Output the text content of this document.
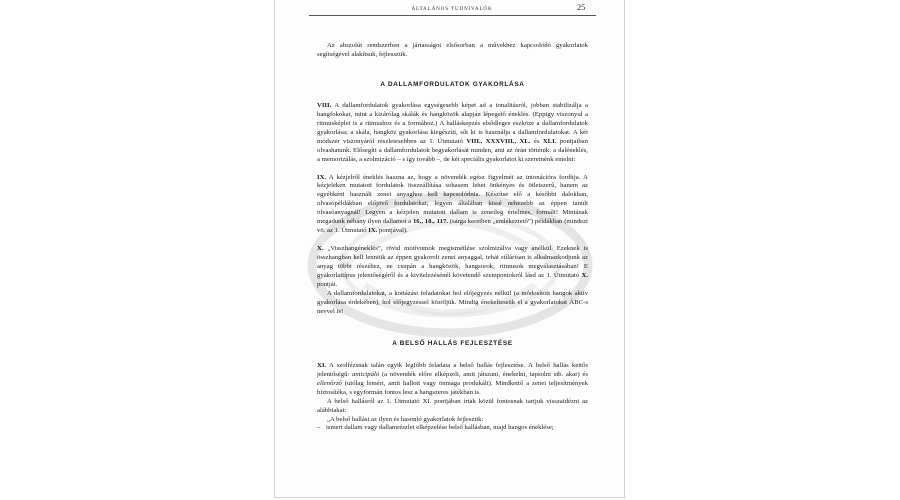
ÁLTALÁNOS TUDNIVALÓK	25

Az abszolút rendszerben a jártasságot elsősorban a művekhez kapcsolódó gyakorlatok segítségével alakítsuk, fejlesszük.

A DALLAMFORDULATOK GYAKORLÁSA

VIII. A dallamfordulatok gyakorlása egységesebb képet ad a tonalitásról, jobban stabilizálja a hangfokokat, mint a kizárólag skálák és hangközök alapján lépegető éneklés. (Eppigy viszonyul a ritmusképlet is a ritmushoz és a formához.) A halláskepzés elsődleges eszköze a dallamfordulatok gyakorlása; a skála, hangköz gyakorlása kiegészíti, sőt ki is használja a dallamfordulatokat. A két módszer viszonyáról részletesebben az 1. Útmutató VIII., XXXVIII., XL. és XLI. pontjaiban olvashatunk. Elősegíti a dallamfordulatok begyakorlását minden, ami az órán történik: a daléneklés, a memorizálás, a szolmizáció – s így tovább –, de két speciális gyakorlatot ki szeretnénk emelni:

IX. A kézjelről éneklés haszna az, hogy a növendék egész figyelmét az intonációra fordítja. A kézjeleken mutatott fordulatok összeállítása sohasem lehet önkényes és ötletszerű, hanem az egyébként használt zenei anyaghoz kell kapcsolódnia. Készítse elő a későbbi dalokban, olvasópéldákban előjövő fordulatokat; legyen általában kissé nehezebb az éppen tanult olvasóanyagnál! Legyen a kézjelen mutatott dallam is zeneileg értelmes, formált! Mintának megadunk néhány ilyen dallamot a 16., 18., 117. (sárga keretben „emlékeztető”) példákban (mindezt vö. az 1. Útmutató IX. pontjával).

X. „Visszhangéneklés”, rövid motívumok megismétlése szolmizálva vagy anélkül. Ezeknek is összhangban kell lenniük az éppen gyakorolt zenei anyaggal, tehát stílárisan is alkalmazkodjunk az anyag többi részéhez, ne csupán a hangközök, hangsorok, ritmusok megválasztásában! E gyakorlattípus jelentőségéről és a kivitelezésénél követendő szempontokról lásd az 1. Útmutató X. pontját.

A dallamfordulatokat, a kottázási feladatokat hol előjegyzés nélkül (a módosított hangok aktív gyakorlása érdekében), hol előjegyzéssel közöljük. Mindig énekeltessük el a gyakorlatokat ÁBC-s nevvel is!

A BELSŐ HALLÁS FEJLESZTÉSE

XI. A szolfézsnak talán egyik legfőbb feladata a belső hallás fejlesztése. A belső hallás kettős jelentőségű: anticipáló (a növendék előre elképzeli, amit játszani, énekelni, tapsolni stb. akar) és ellenőrző (utólag leméri, amit hallott vagy önmaga produkált). Mindkettő a zenei teljesítmények biztosítéka, s egyformán fontos lesz a hangszeres játékban is.

A belső hallásról az 1. Útmutató XI. pontjában írtak közül fontosnak tartjuk visszaidézni az alábbiakat:

„A belső hallást az ilyen és hasonló gyakorlatok fejlesztik:

– ismert dallam vagy dallamrészlet elképzelése belső hallásban, majd hangos éneklése;
